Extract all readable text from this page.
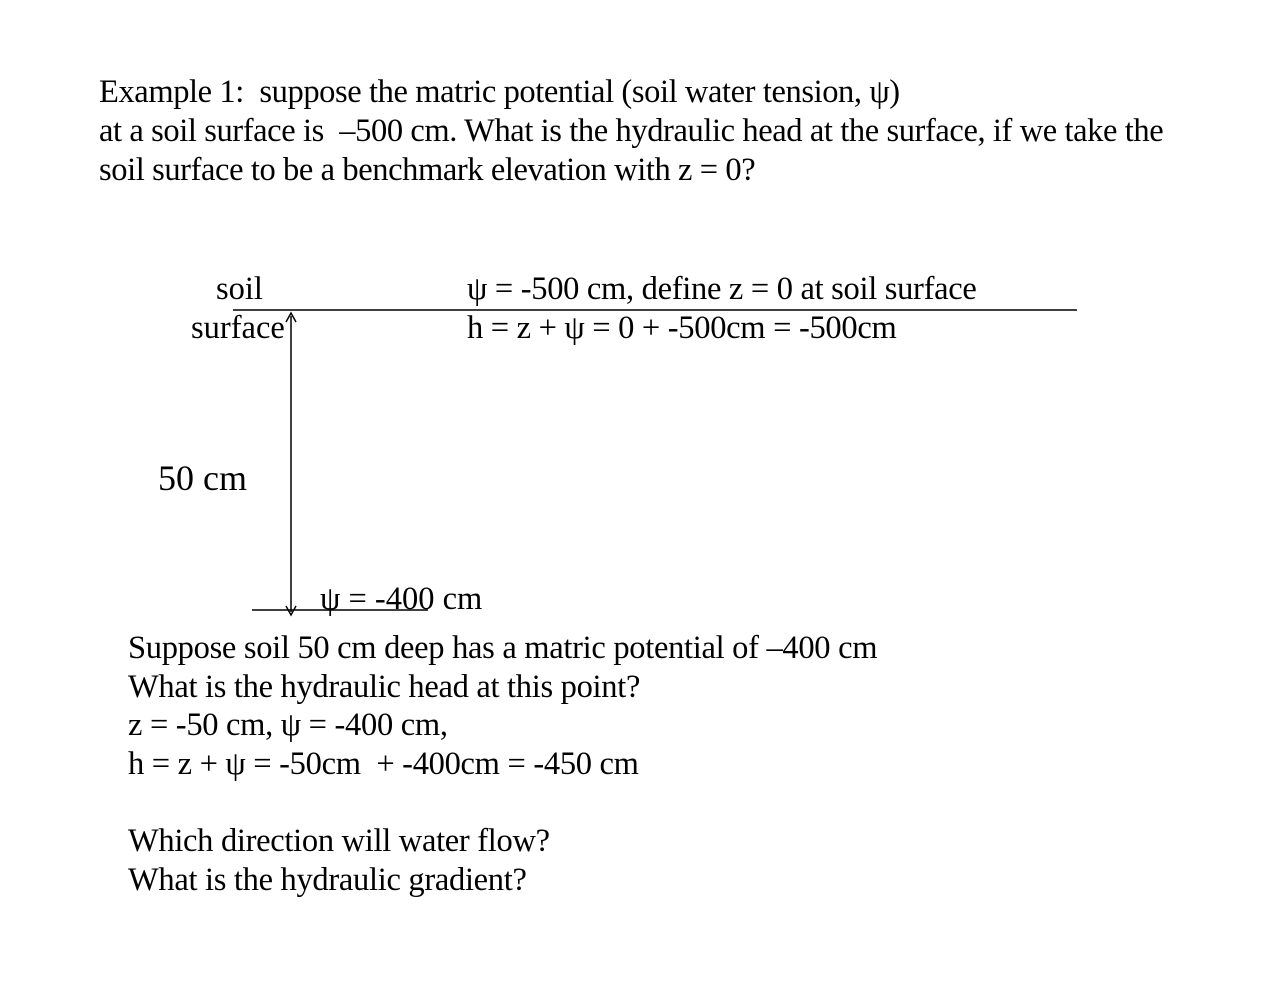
Example 1:  suppose the matric potential (soil water tension, ψ)
at a soil surface is  –500 cm. What is the hydraulic head at the surface, if we take the
soil surface to be a benchmark elevation with z = 0?
soil
surface
ψ = -500 cm, define z = 0 at soil surface
h = z + ψ = 0 + -500cm = -500cm
50 cm
ψ = -400 cm
Suppose soil 50 cm deep has a matric potential of –400 cm
What is the hydraulic head at this point?
z = -50 cm, ψ = -400 cm,
h = z + ψ = -50cm  + -400cm = -450 cm
Which direction will water flow?
What is the hydraulic gradient?
